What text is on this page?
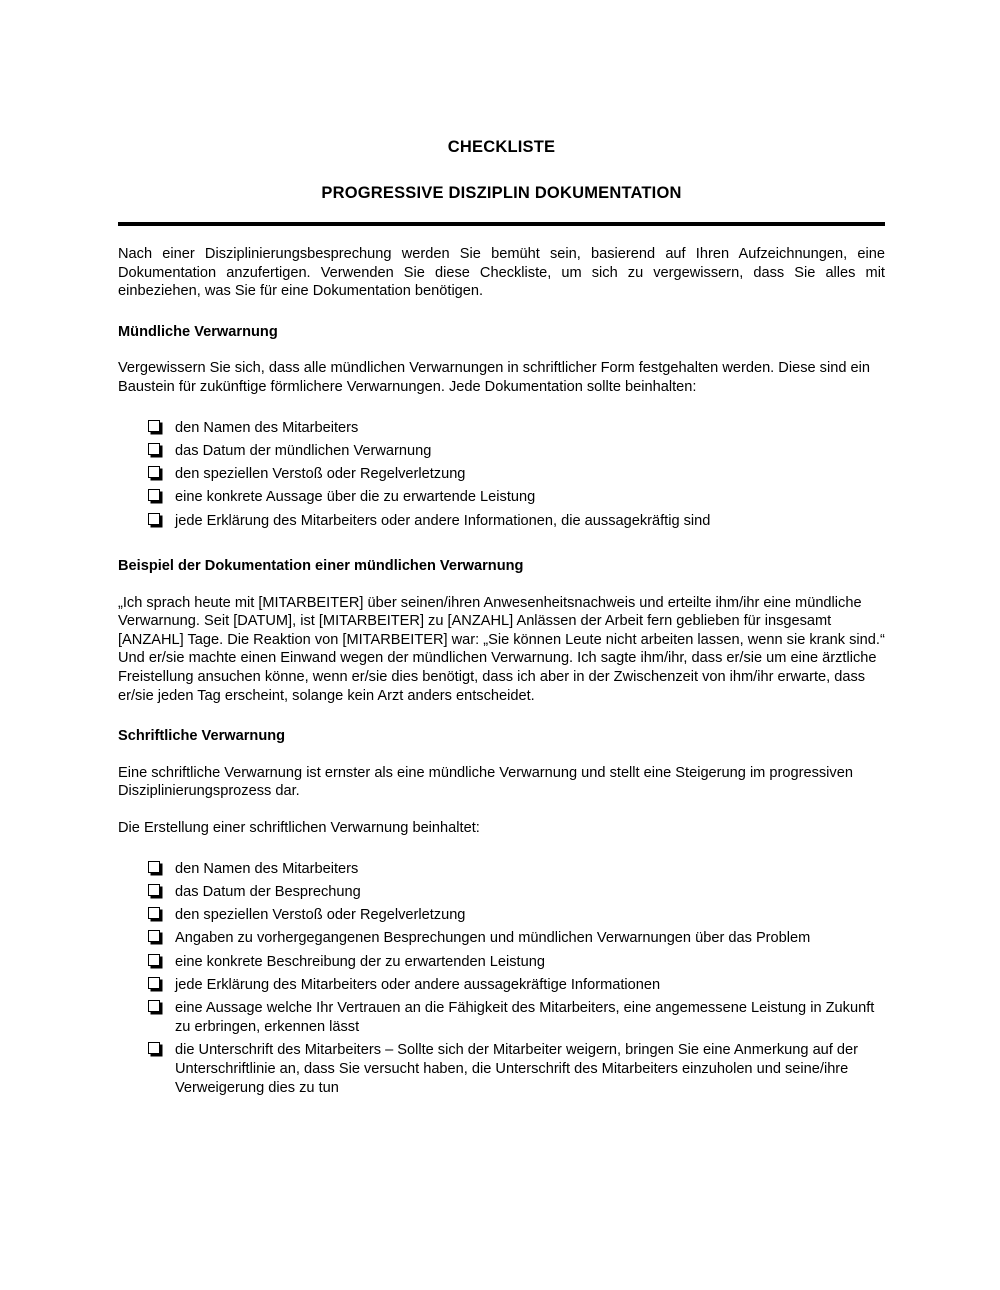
CHECKLISTE
PROGRESSIVE DISZIPLIN DOKUMENTATION

Nach einer Disziplinierungsbesprechung werden Sie bemüht sein, basierend auf Ihren Aufzeichnungen, eine Dokumentation anzufertigen. Verwenden Sie diese Checkliste, um sich zu vergewissern, dass Sie alles mit einbeziehen, was Sie für eine Dokumentation benötigen.

Mündliche Verwarnung

Vergewissern Sie sich, dass alle mündlichen Verwarnungen in schriftlicher Form festgehalten werden. Diese sind ein Baustein für zukünftige förmlichere Verwarnungen. Jede Dokumentation sollte beinhalten:

den Namen des Mitarbeiters
das Datum der mündlichen Verwarnung
den speziellen Verstoß oder Regelverletzung
eine konkrete Aussage über die zu erwartende Leistung
jede Erklärung des Mitarbeiters oder andere Informationen, die aussagekräftig sind
Beispiel der Dokumentation einer mündlichen Verwarnung

„Ich sprach heute mit [MITARBEITER] über seinen/ihren Anwesenheitsnachweis und erteilte ihm/ihr eine mündliche Verwarnung. Seit [DATUM], ist [MITARBEITER] zu [ANZAHL] Anlässen der Arbeit fern geblieben für insgesamt [ANZAHL] Tage. Die Reaktion von [MITARBEITER] war: „Sie können Leute nicht arbeiten lassen, wenn sie krank sind.“ Und er/sie machte einen Einwand wegen der mündlichen Verwarnung. Ich sagte ihm/ihr, dass er/sie um eine ärztliche Freistellung ansuchen könne, wenn er/sie dies benötigt, dass ich aber in der Zwischenzeit von ihm/ihr erwarte, dass er/sie jeden Tag erscheint, solange kein Arzt anders entscheidet.

Schriftliche Verwarnung

Eine schriftliche Verwarnung ist ernster als eine mündliche Verwarnung und stellt eine Steigerung im progressiven Disziplinierungsprozess dar.

Die Erstellung einer schriftlichen Verwarnung beinhaltet:

den Namen des Mitarbeiters
das Datum der Besprechung
den speziellen Verstoß oder Regelverletzung
Angaben zu vorhergegangenen Besprechungen und mündlichen Verwarnungen über das Problem
eine konkrete Beschreibung der zu erwartenden Leistung
jede Erklärung des Mitarbeiters oder andere aussagekräftige Informationen
eine Aussage welche Ihr Vertrauen an die Fähigkeit des Mitarbeiters, eine angemessene Leistung in Zukunft zu erbringen, erkennen lässt
die Unterschrift des Mitarbeiters – Sollte sich der Mitarbeiter weigern, bringen Sie eine Anmerkung auf der Unterschriftlinie an, dass Sie versucht haben, die Unterschrift des Mitarbeiters einzuholen und seine/ihre Verweigerung dies zu tun
